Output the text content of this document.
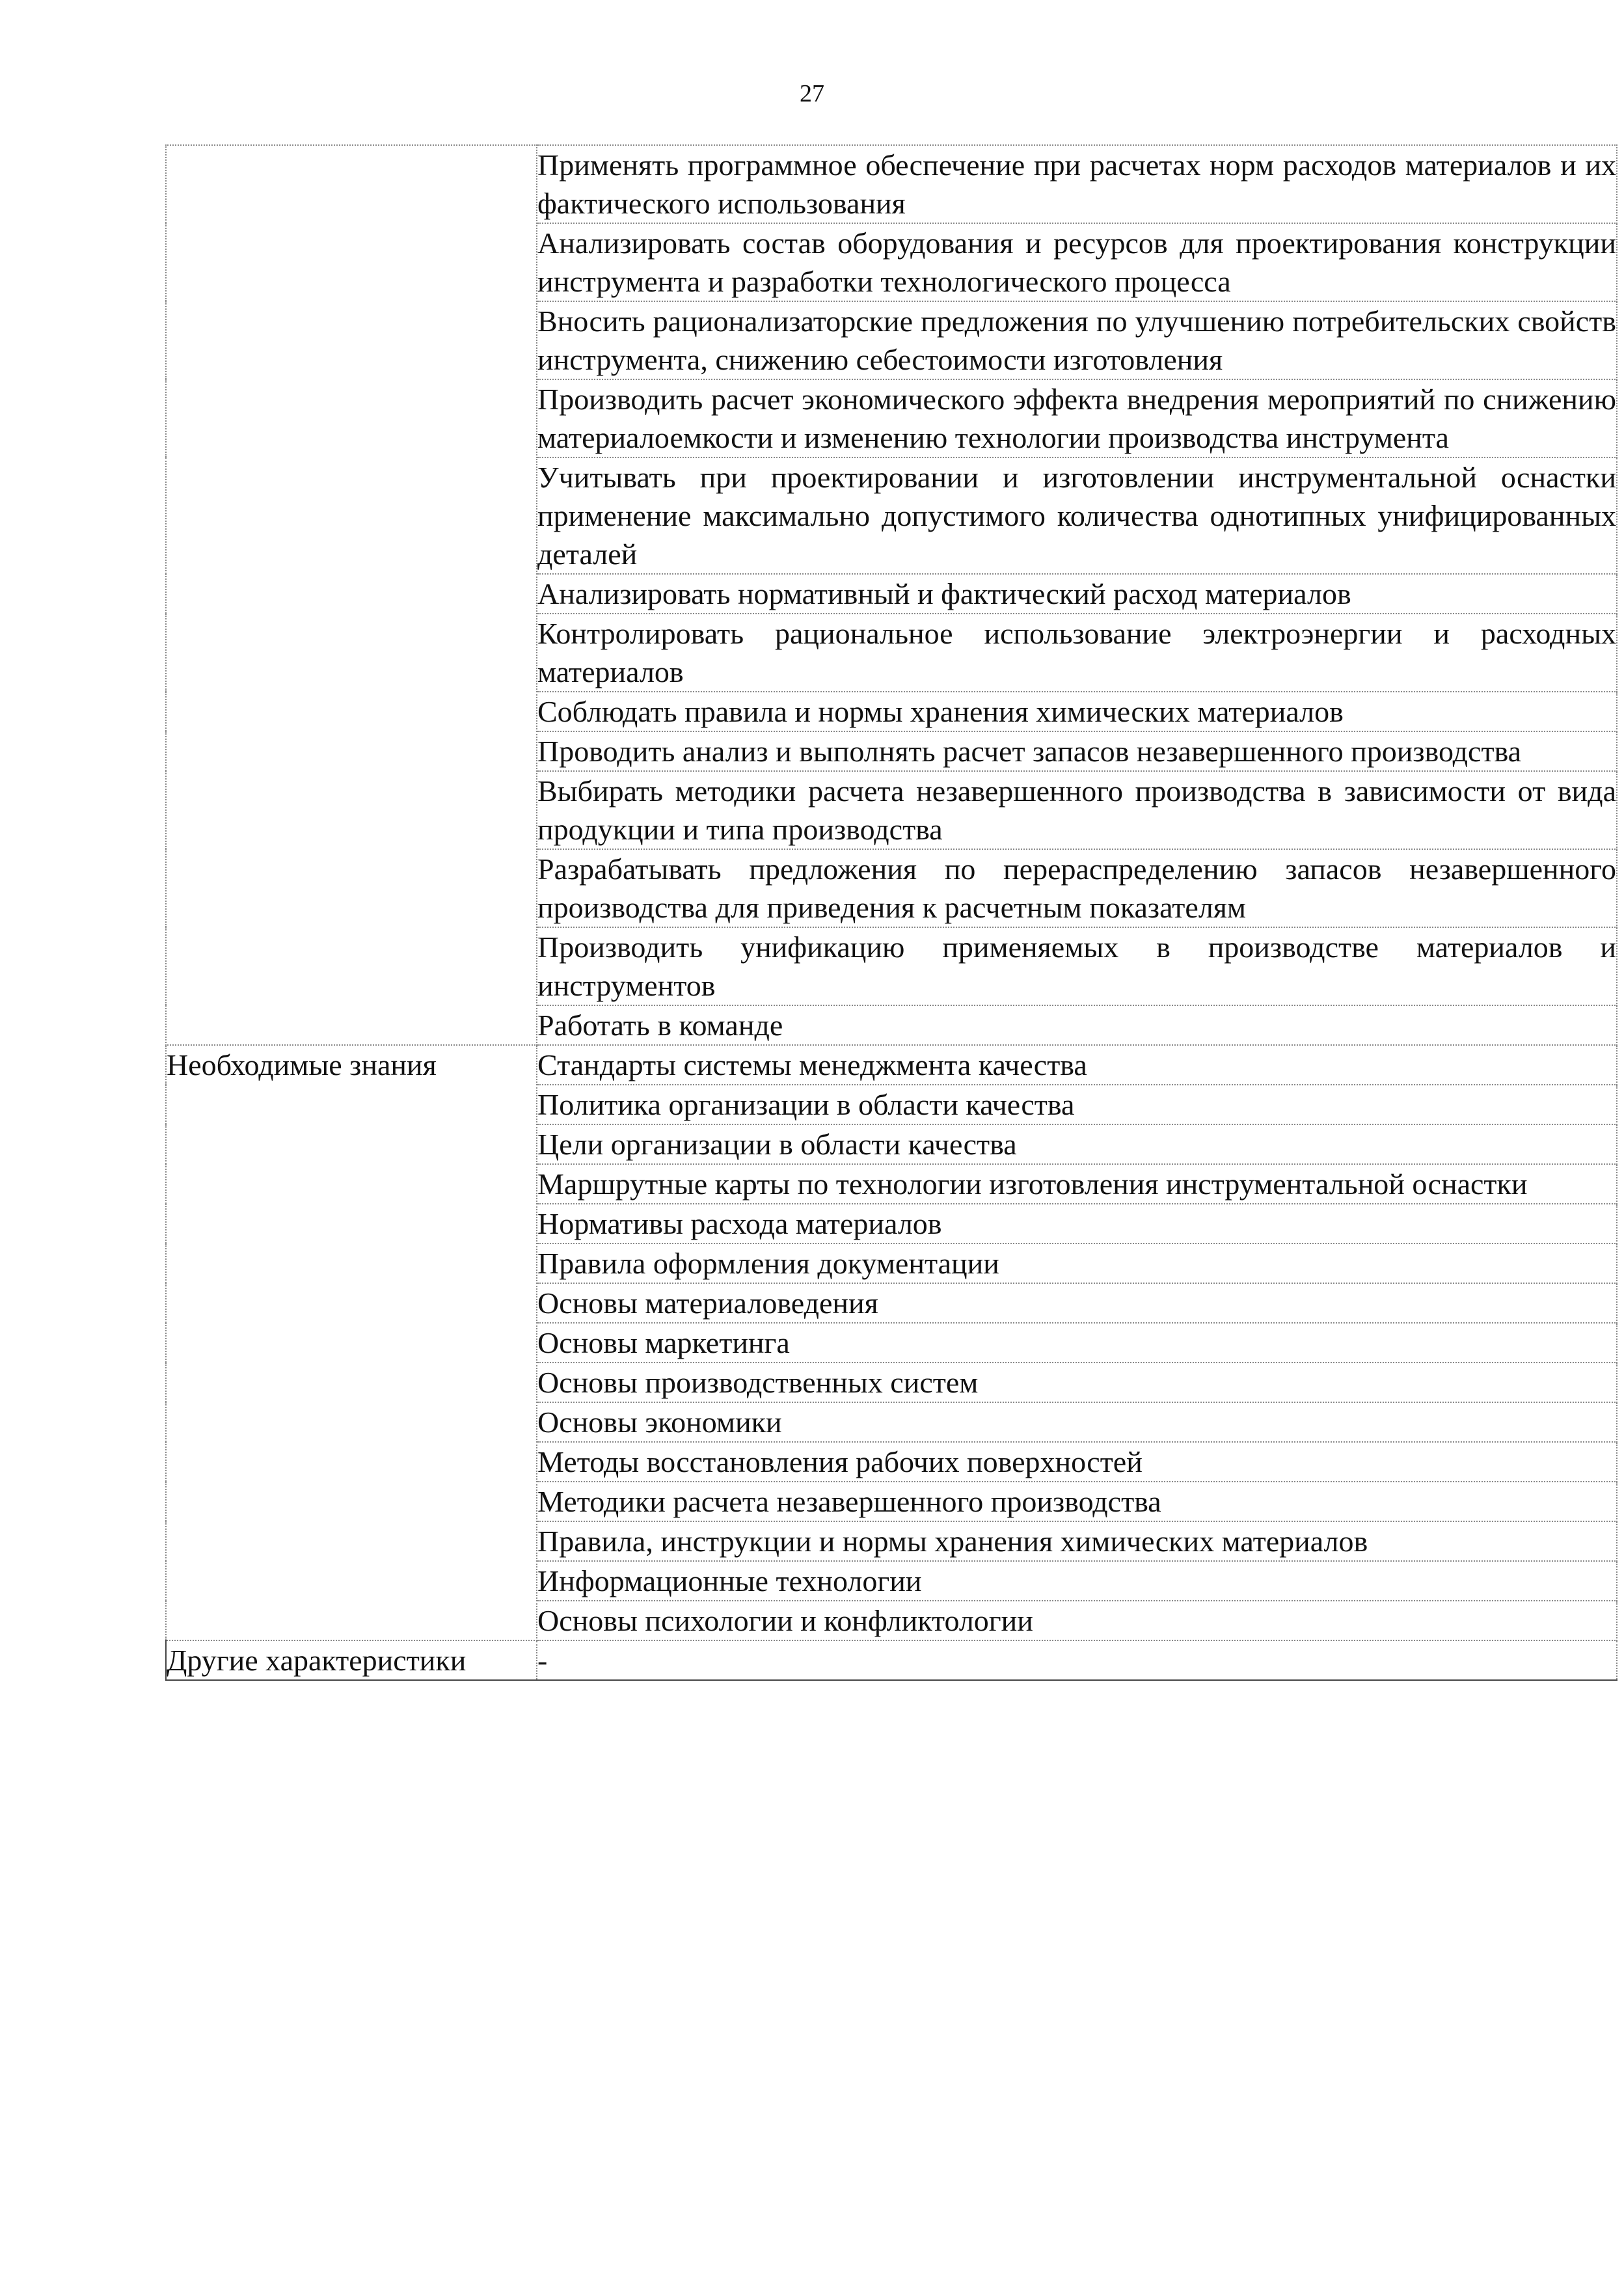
27
	Применять программное обеспечение при расчетах норм расходов материалов и их фактического использования
	Анализировать состав оборудования и ресурсов для проектирования конструкции инструмента и разработки технологического процесса
	Вносить рационализаторские предложения по улучшению потребительских свойств инструмента, снижению себестоимости изготовления
	Производить расчет экономического эффекта внедрения мероприятий по снижению материалоемкости и изменению технологии производства инструмента
	Учитывать при проектировании и изготовлении инструментальной оснастки применение максимально допустимого количества однотипных унифицированных деталей
	Анализировать нормативный и фактический расход материалов
	Контролировать рациональное использование электроэнергии и расходных материалов
	Соблюдать правила и нормы хранения химических материалов
	Проводить анализ и выполнять расчет запасов незавершенного производства
	Выбирать методики расчета незавершенного производства в зависимости от вида продукции и типа производства
	Разрабатывать предложения по перераспределению запасов незавершенного производства для приведения к расчетным показателям
	Производить унификацию применяемых в производстве материалов и инструментов
	Работать в команде
Необходимые знания	Стандарты системы менеджмента качества
	Политика организации в области качества
	Цели организации в области качества
	Маршрутные карты по технологии изготовления инструментальной оснастки
	Нормативы расхода материалов
	Правила оформления документации
	Основы материаловедения
	Основы маркетинга
	Основы производственных систем
	Основы экономики
	Методы восстановления рабочих поверхностей
	Методики расчета незавершенного производства
	Правила, инструкции и нормы хранения химических материалов
	Информационные технологии
	Основы психологии и конфликтологии
Другие характеристики	-
